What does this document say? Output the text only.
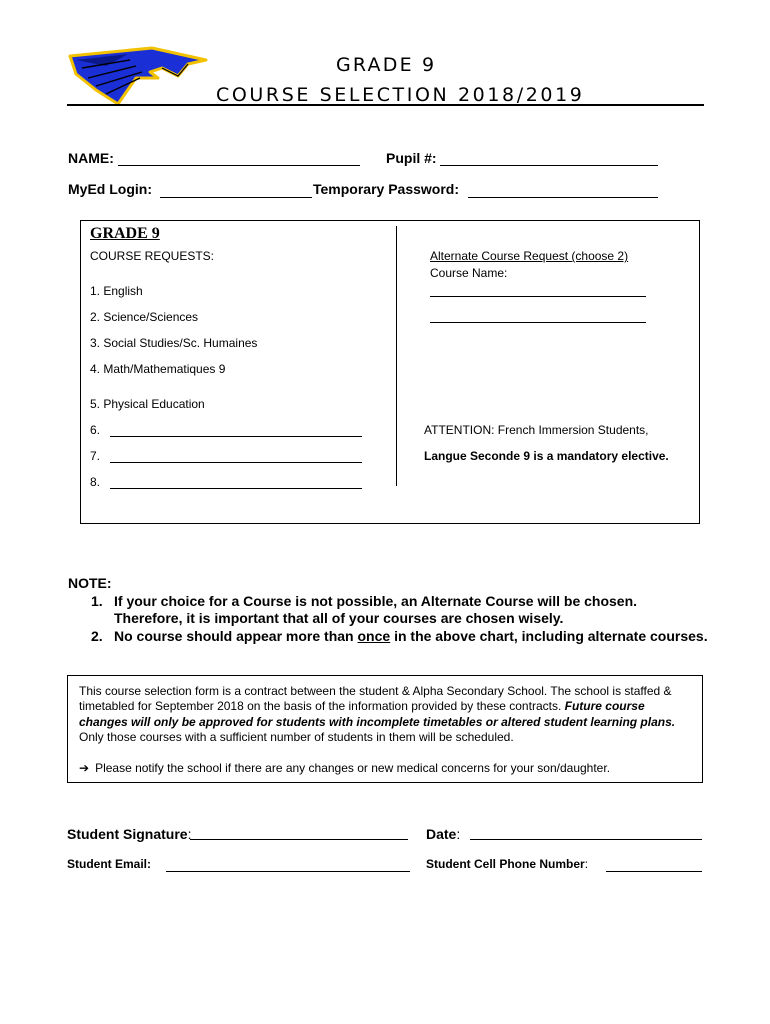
GRADE 9
COURSE SELECTION 2018/2019
NAME:	Pupil #:
MyEd Login:	Temporary Password:
GRADE 9
COURSE REQUESTS:
1. English
2. Science/Sciences
3. Social Studies/Sc. Humaines
4. Math/Mathematiques 9
5. Physical Education
6.
7.
8.
Alternate Course Request (choose 2)
Course Name:
ATTENTION: French Immersion Students,
Langue Seconde 9 is a mandatory elective.
NOTE:
1. If your choice for a Course is not possible, an Alternate Course will be chosen.
Therefore, it is important that all of your courses are chosen wisely.
2. No course should appear more than once in the above chart, including alternate courses.
This course selection form is a contract between the student & Alpha Secondary School. The school is staffed & timetabled for September 2018 on the basis of the information provided by these contracts. Future course changes will only be approved for students with incomplete timetables or altered student learning plans. Only those courses with a sufficient number of students in them will be scheduled.
➔ Please notify the school if there are any changes or new medical concerns for your son/daughter.
Student Signature:	Date:
Student Email:	Student Cell Phone Number:
